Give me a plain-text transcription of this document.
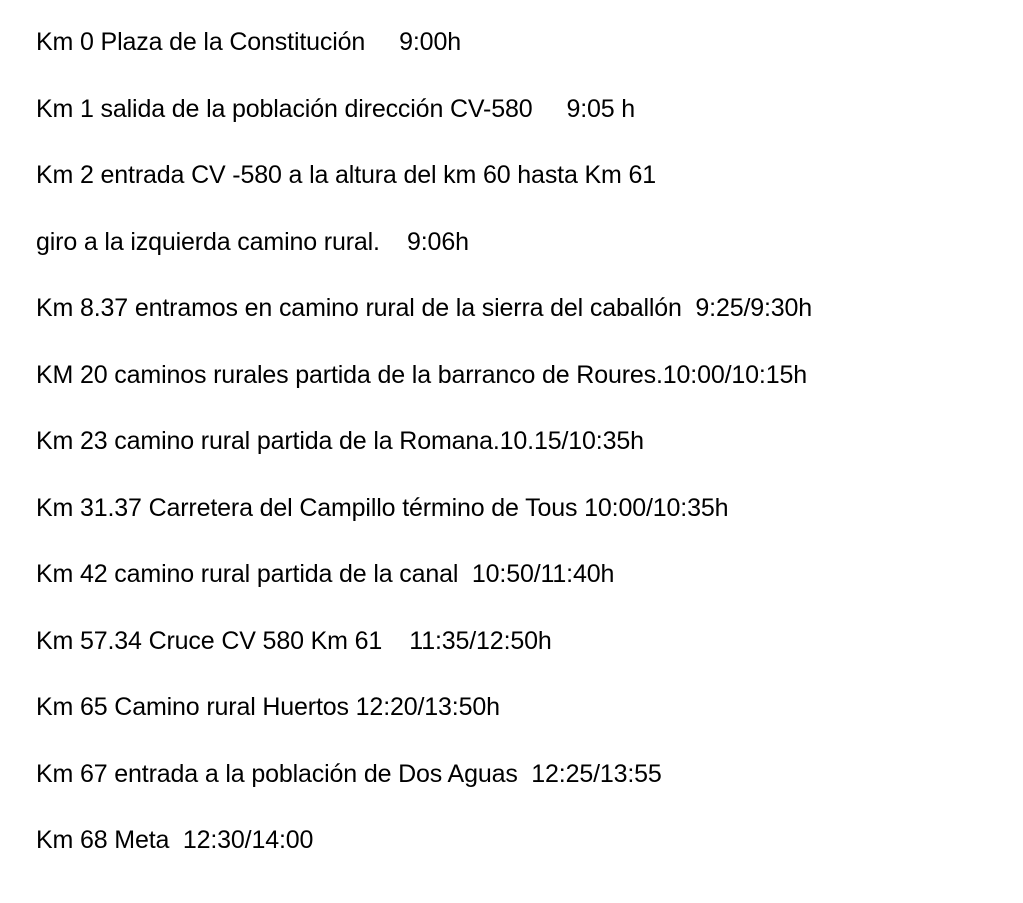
Km 0 Plaza de la Constitución     9:00h
Km 1 salida de la población dirección CV-580     9:05 h
Km 2 entrada CV -580 a la altura del km 60 hasta Km 61
giro a la izquierda camino rural.    9:06h
Km 8.37 entramos en camino rural de la sierra del caballón  9:25/9:30h
KM 20 caminos rurales partida de la barranco de Roures.10:00/10:15h
Km 23 camino rural partida de la Romana.10.15/10:35h
Km 31.37 Carretera del Campillo término de Tous 10:00/10:35h
Km 42 camino rural partida de la canal  10:50/11:40h
Km 57.34 Cruce CV 580 Km 61    11:35/12:50h
Km 65 Camino rural Huertos 12:20/13:50h
Km 67 entrada a la población de Dos Aguas  12:25/13:55
Km 68 Meta  12:30/14:00
